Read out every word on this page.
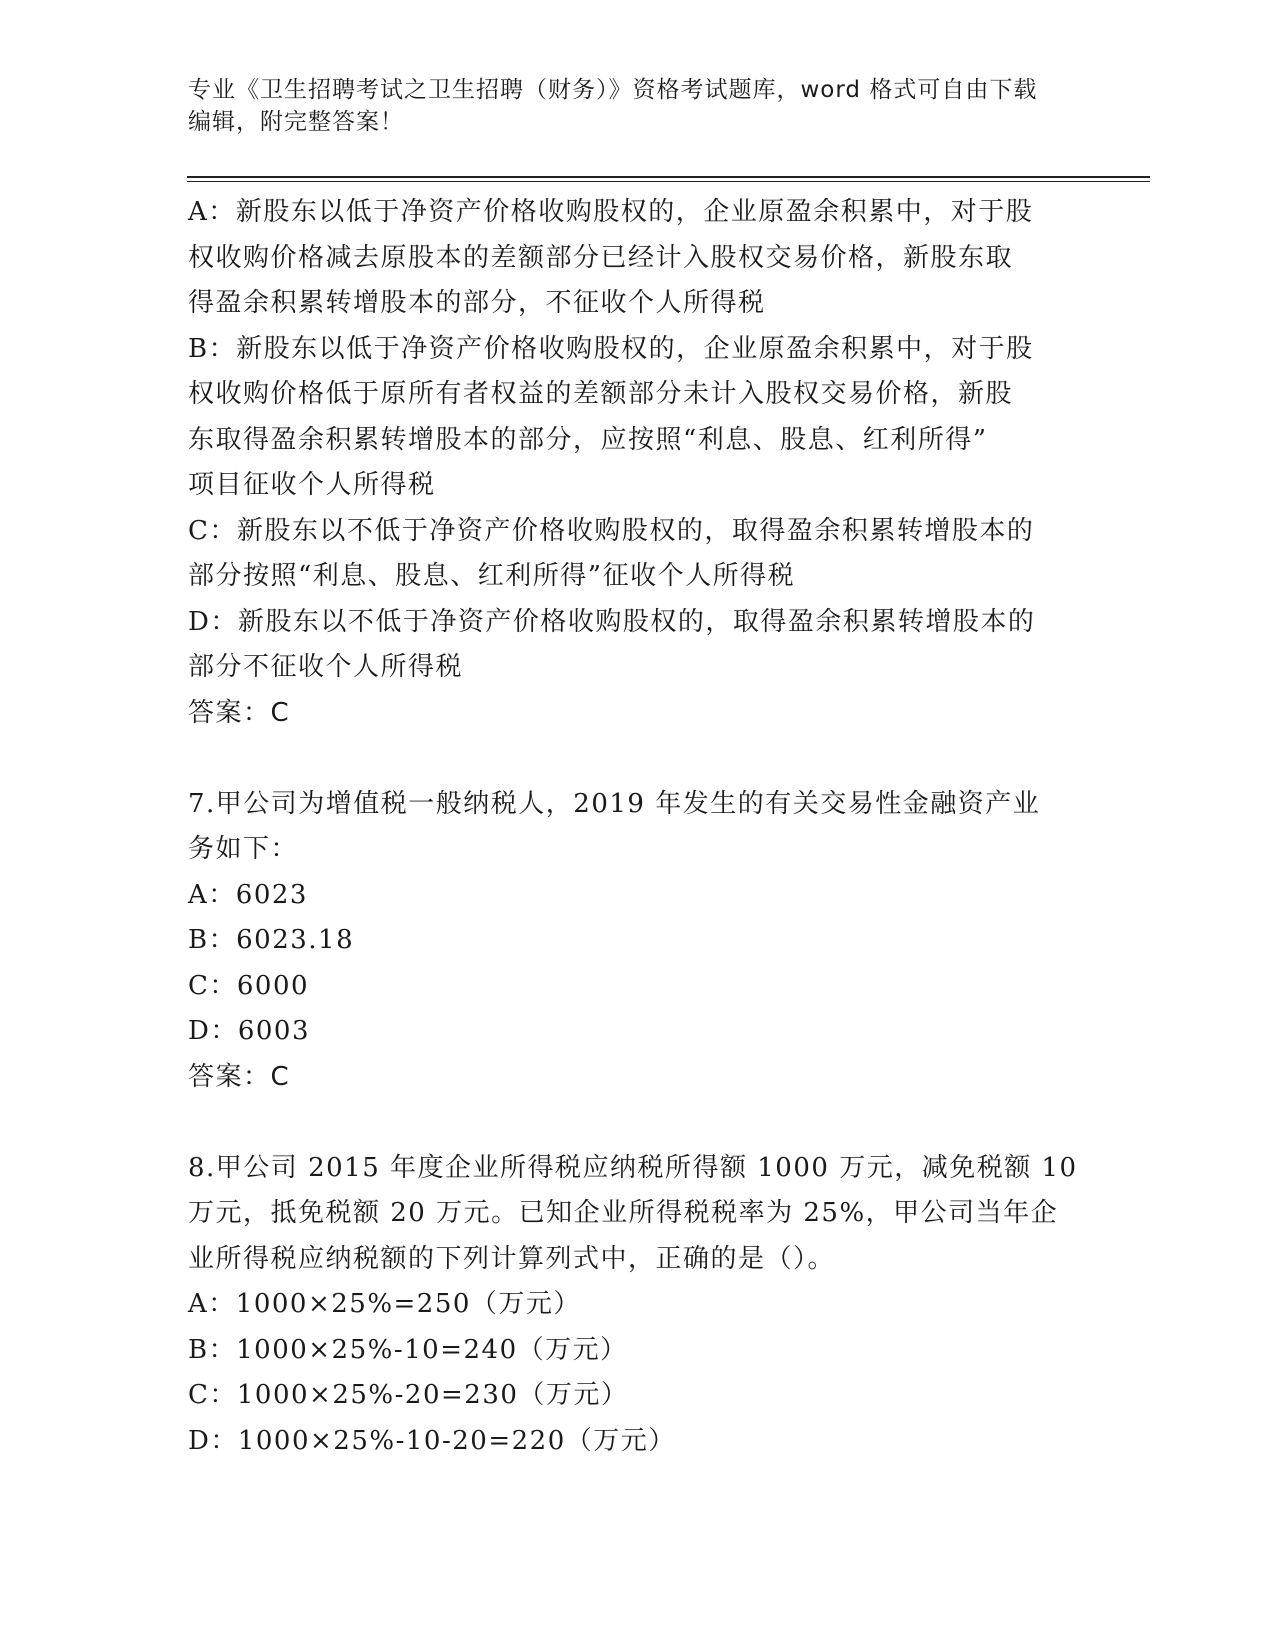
专业《卫生招聘考试之卫生招聘（财务）》资格考试题库，word 格式可自由下载
编辑，附完整答案！

A：新股东以低于净资产价格收购股权的，企业原盈余积累中，对于股

权收购价格减去原股本的差额部分已经计入股权交易价格，新股东取

得盈余积累转增股本的部分，不征收个人所得税

B：新股东以低于净资产价格收购股权的，企业原盈余积累中，对于股

权收购价格低于原所有者权益的差额部分未计入股权交易价格，新股

东取得盈余积累转增股本的部分，应按照“利息、股息、红利所得”

项目征收个人所得税

C：新股东以不低于净资产价格收购股权的，取得盈余积累转增股本的

部分按照“利息、股息、红利所得”征收个人所得税

D：新股东以不低于净资产价格收购股权的，取得盈余积累转增股本的

部分不征收个人所得税

答案：C

7.甲公司为增值税一般纳税人，2019 年发生的有关交易性金融资产业

务如下：

A：6023

B：6023.18

C：6000

D：6003

答案：C

8.甲公司 2015 年度企业所得税应纳税所得额 1000 万元，减免税额 10

万元，抵免税额 20 万元。已知企业所得税税率为 25%，甲公司当年企

业所得税应纳税额的下列计算列式中，正确的是（）。

A：1000×25%=250（万元）

B：1000×25%-10=240（万元）

C：1000×25%-20=230（万元）

D：1000×25%-10-20=220（万元）
